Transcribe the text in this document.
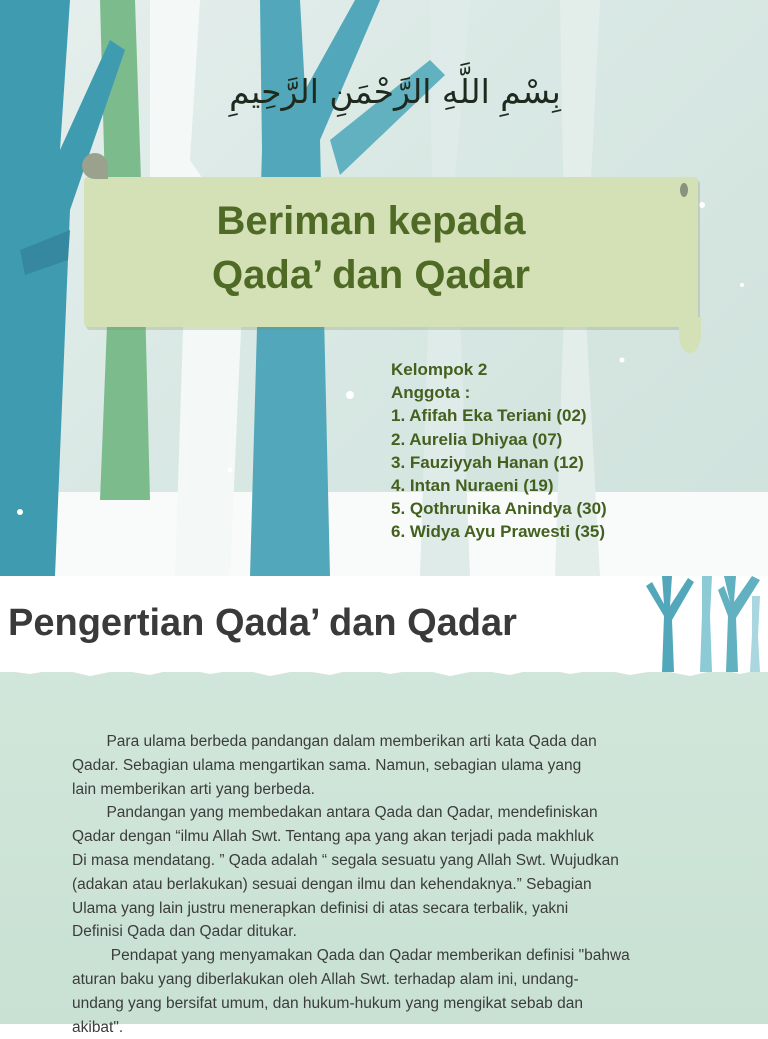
بِسْمِ اللَّهِ الرَّحْمَنِ الرَّحِيمِ
Beriman kepada
Qada’ dan Qadar
Kelompok 2
Anggota :
1. Afifah Eka Teriani (02)
2. Aurelia Dhiyaa (07)
3. Fauziyyah Hanan (12)
4. Intan Nuraeni (19)
5. Qothrunika Anindya (30)
6. Widya Ayu Prawesti (35)
Pengertian Qada’ dan Qadar
Para ulama berbeda pandangan dalam memberikan arti kata Qada dan
Qadar. Sebagian ulama mengartikan sama. Namun, sebagian ulama yang
lain memberikan arti yang berbeda.
Pandangan yang membedakan antara Qada dan Qadar, mendefiniskan
Qadar dengan “ilmu Allah Swt. Tentang apa yang akan terjadi pada makhluk
Di masa mendatang. ” Qada adalah “ segala sesuatu yang Allah Swt. Wujudkan
(adakan atau berlakukan) sesuai dengan ilmu dan kehendaknya.” Sebagian
Ulama yang lain justru menerapkan definisi di atas secara terbalik, yakni
Definisi Qada dan Qadar ditukar.
Pendapat yang menyamakan Qada dan Qadar memberikan definisi "bahwa
aturan baku yang diberlakukan oleh Allah Swt. terhadap alam ini, undang-
undang yang bersifat umum, dan hukum-hukum yang mengikat sebab dan
akibat".
